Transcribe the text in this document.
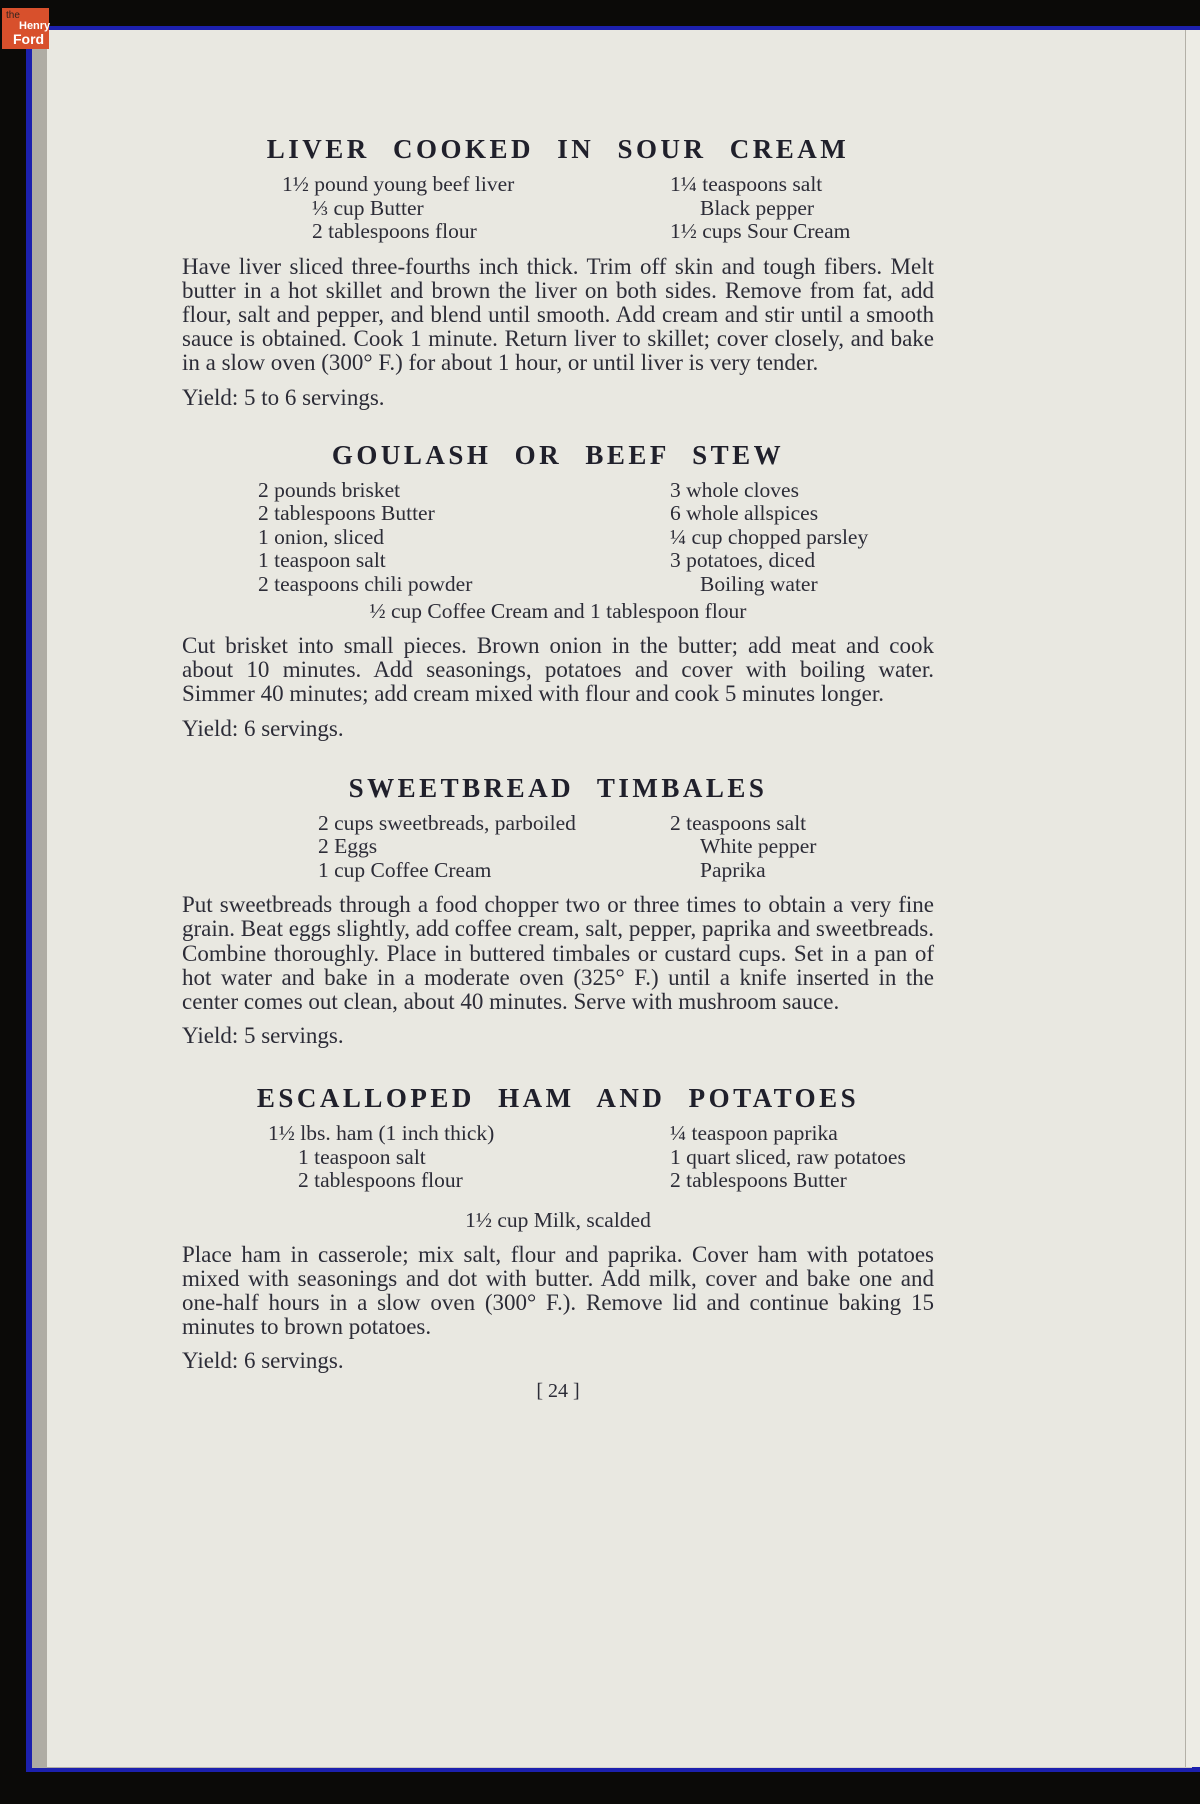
LIVER COOKED IN SOUR CREAM
1½ pound young beef liver	1¼ teaspoons salt
⅓ cup Butter	Black pepper
2 tablespoons flour	1½ cups Sour Cream

Have liver sliced three-fourths inch thick. Trim off skin and tough fibers. Melt butter in a hot skillet and brown the liver on both sides. Remove from fat, add flour, salt and pepper, and blend until smooth. Add cream and stir until a smooth sauce is obtained. Cook 1 minute. Return liver to skillet; cover closely, and bake in a slow oven (300° F.) for about 1 hour, or until liver is very tender.

Yield: 5 to 6 servings.

GOULASH OR BEEF STEW
2 pounds brisket	3 whole cloves
2 tablespoons Butter	6 whole allspices
1 onion, sliced	¼ cup chopped parsley
1 teaspoon salt	3 potatoes, diced
2 teaspoons chili powder	Boiling water
½ cup Coffee Cream and 1 tablespoon flour

Cut brisket into small pieces. Brown onion in the butter; add meat and cook about 10 minutes. Add seasonings, potatoes and cover with boiling water. Simmer 40 minutes; add cream mixed with flour and cook 5 minutes longer.

Yield: 6 servings.

SWEETBREAD TIMBALES
2 cups sweetbreads, parboiled	2 teaspoons salt
2 Eggs	White pepper
1 cup Coffee Cream	Paprika

Put sweetbreads through a food chopper two or three times to obtain a very fine grain. Beat eggs slightly, add coffee cream, salt, pepper, paprika and sweetbreads. Combine thoroughly. Place in buttered timbales or custard cups. Set in a pan of hot water and bake in a moderate oven (325° F.) until a knife inserted in the center comes out clean, about 40 minutes. Serve with mushroom sauce.

Yield: 5 servings.

ESCALLOPED HAM AND POTATOES
1½ lbs. ham (1 inch thick)	¼ teaspoon paprika
1 teaspoon salt	1 quart sliced, raw potatoes
2 tablespoons flour	2 tablespoons Butter
1½ cup Milk, scalded

Place ham in casserole; mix salt, flour and paprika. Cover ham with potatoes mixed with seasonings and dot with butter. Add milk, cover and bake one and one-half hours in a slow oven (300° F.). Remove lid and continue baking 15 minutes to brown potatoes.

Yield: 6 servings.

[ 24 ]
the
Henry
Ford
